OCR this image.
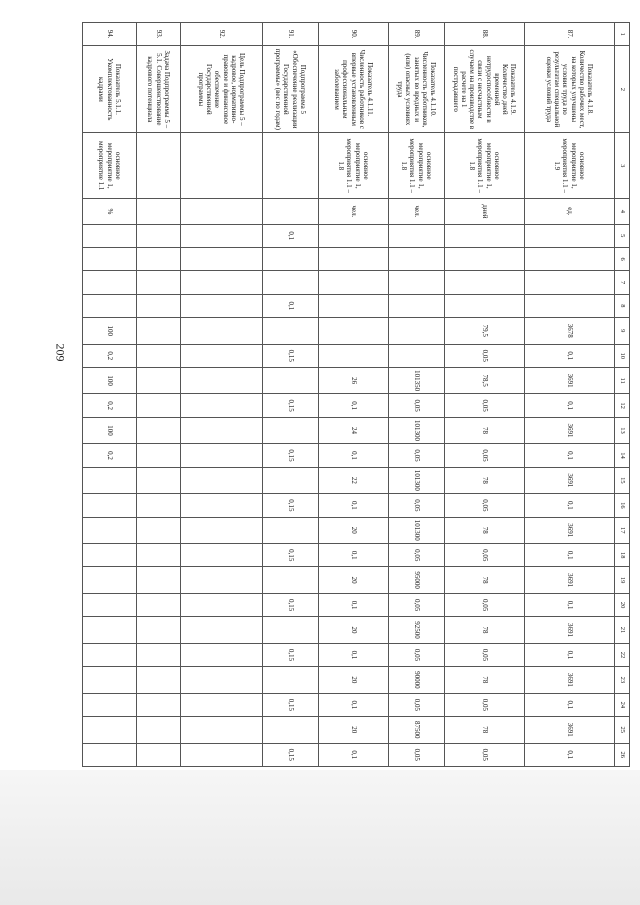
209
1	2	3	4	5	6	7	8	9	10	11	12	13	14	15	16	17	18	19	20	21	22	23	24	25	26
87.	Показатель 4.1.8. Количество рабочих мест, на которых улучшены условия труда по результатам специальной оценки условий труда	основное мероприятие 1, мероприятия 1.1 – 1.9	ед.					3678	0,1	3691	0,1	3691	0,1	3691	0,1	3691	0,1	3691	0,1	3691	0,1	3691	0,1	3691	0,1
88.	Показатель 4.1.9. Количество дней временной нетрудоспособности в связи с несчастным случаем на производстве в расчете на 1 пострадавшего	основное мероприятие 1, мероприятия 1.1 – 1.8	дней					79,5	0,05	78,5	0,05	78	0,05	78	0,05	78	0,05	78	0,05	78	0,05	78	0,05	78	0,05
89.	Показатель 4.1.10. Численность работников, занятых во вредных и (или) опасных условиях труда	основное мероприятие 1, мероприятия 1.1 – 1.8	чел.							101350	0,05	101300	0,05	101300	0,05	101300	0,05	95000	0,05	92500	0,05	90000	0,05	87500	0,05
90.	Показатель 4.1.11. Численность работников с впервые установленным профессиональным заболеванием	основное мероприятие 1, мероприятия 1.1 – 1.8	чел.							26	0,1	24	0,1	22	0,1	20	0,1	20	0,1	20	0,1	20	0,1	20	0,1
91.	Подпрограмма 5 «Обеспечение реализации Государственной программы» (вес по годам)			0,1			0,1		0,15		0,15		0,15		0,15		0,15		0,15		0,15		0,15		0,15
92.	Цель Подпрограммы 5 – кадровое, нормативно-правовое и финансовое обеспечение Государственной программы																								
93.	Задача Подпрограммы 5 – 5.1. Совершенствование кадрового потенциала																								
94.	Показатель 5.1.1. Укомплектованность кадрами	основное мероприятие 1, мероприятие 1.1	%					100	0,2	100	0,2	100	0,2												
